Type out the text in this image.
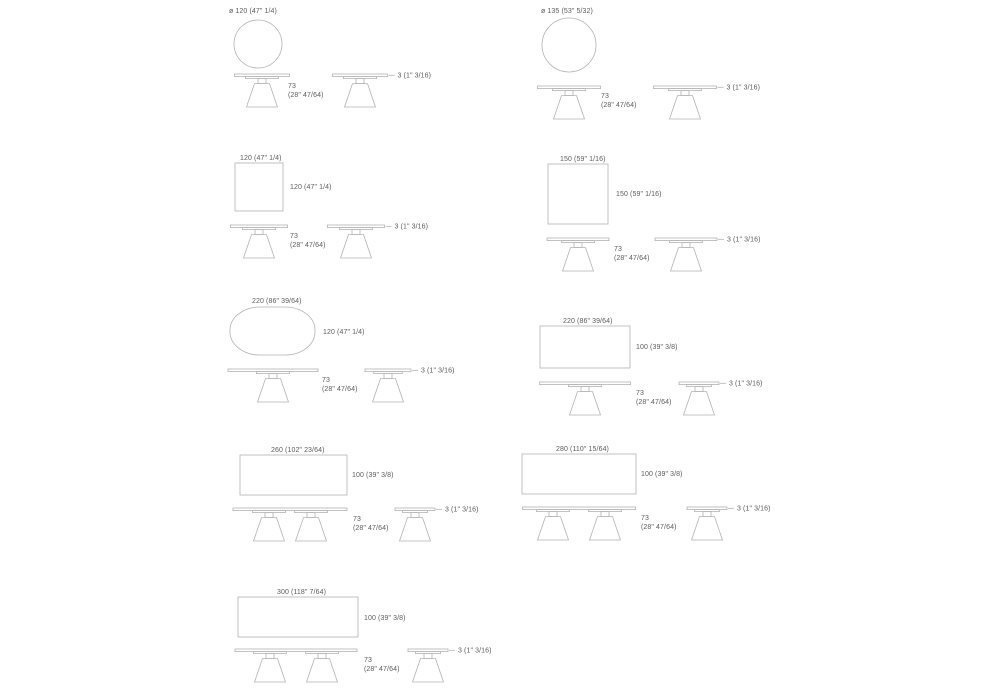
ø 120 (47" 1/4)
73
(28" 47/64)
3 (1" 3/16)
ø 135 (53" 5/32)
73
(28" 47/64)
3 (1" 3/16)
120 (47" 1/4)
120 (47" 1/4)
73
(28" 47/64)
3 (1" 3/16)
150 (59" 1/16)
150 (59" 1/16)
73
(28" 47/64)
3 (1" 3/16)
220 (86" 39/64)
120 (47" 1/4)
73
(28" 47/64)
3 (1" 3/16)
220 (86" 39/64)
100 (39" 3/8)
73
(28" 47/64)
3 (1" 3/16)
260 (102" 23/64)
100 (39" 3/8)
73
(28" 47/64)
3 (1" 3/16)
280 (110" 15/64)
100 (39" 3/8)
73
(28" 47/64)
3 (1" 3/16)
300 (118" 7/64)
100 (39" 3/8)
73
(28" 47/64)
3 (1" 3/16)
